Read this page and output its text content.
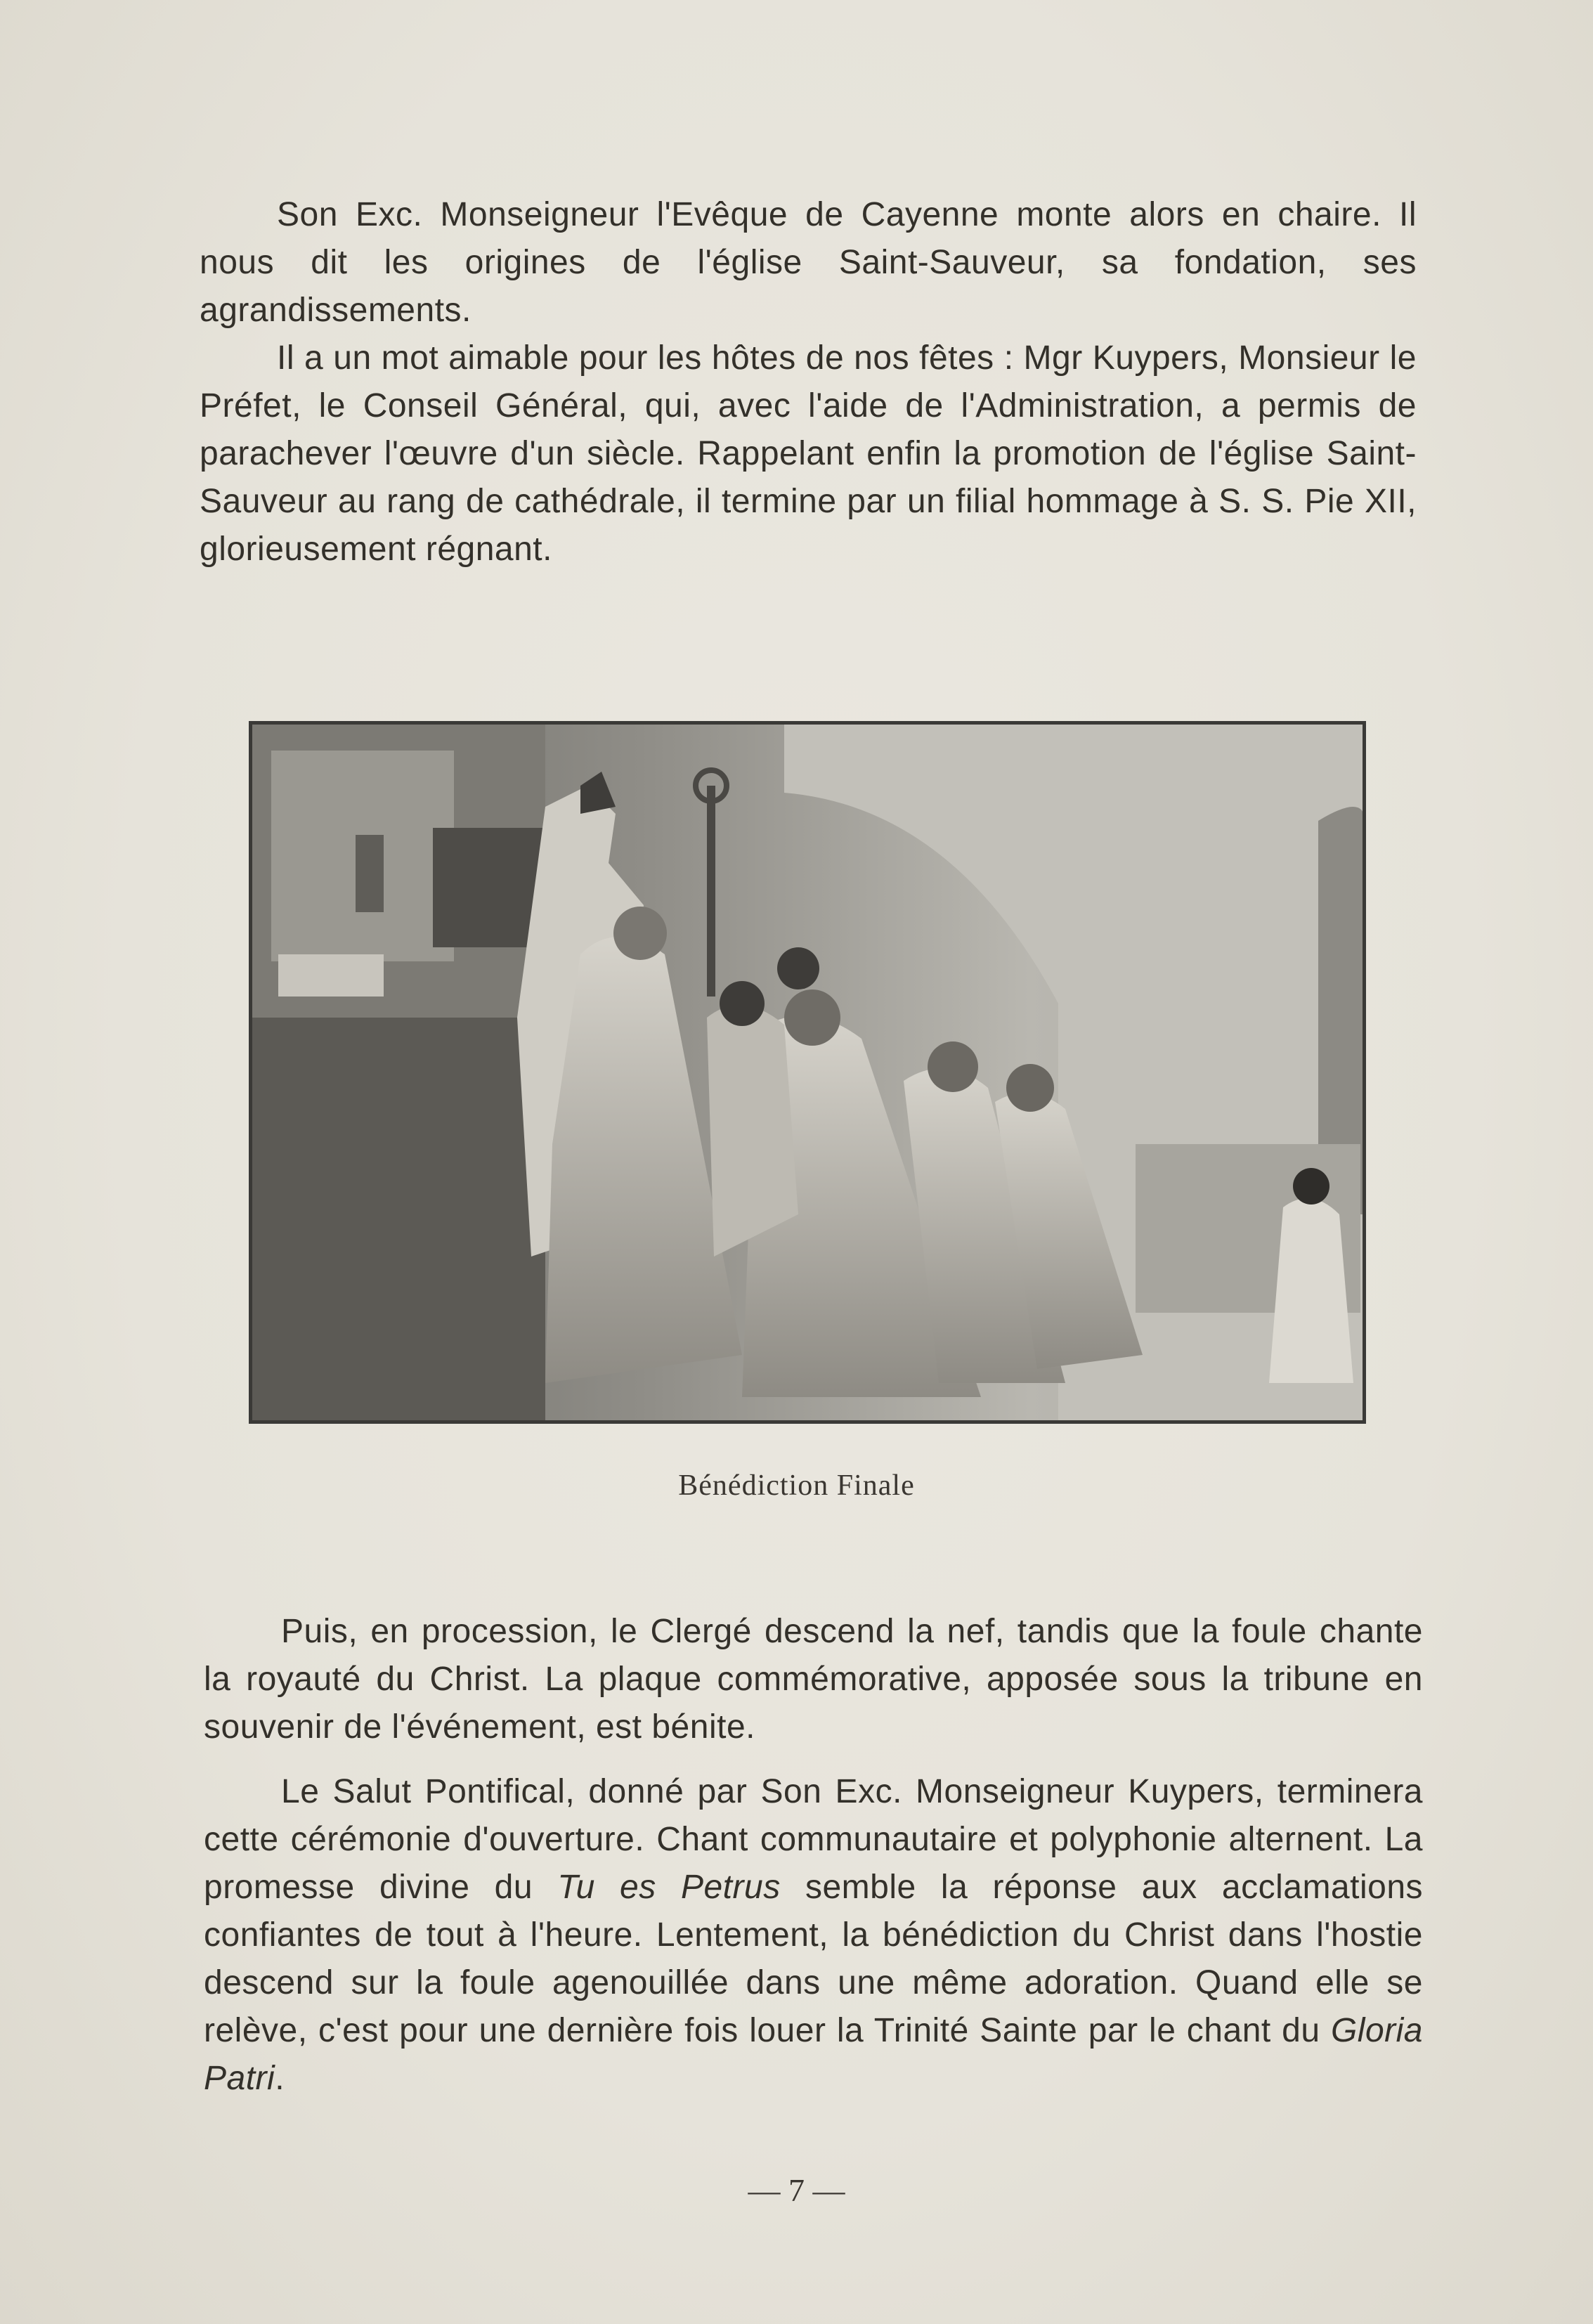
Son Exc. Monseigneur l'Evêque de Cayenne monte alors en chaire. Il nous dit les origines de l'église Saint-Sauveur, sa fondation, ses agrandissements.

Il a un mot aimable pour les hôtes de nos fêtes : Mgr Kuypers, Monsieur le Préfet, le Conseil Général, qui, avec l'aide de l'Administration, a permis de parachever l'œuvre d'un siècle. Rappelant enfin la promotion de l'église Saint-Sauveur au rang de cathédrale, il termine par un filial hommage à S. S. Pie XII, glorieusement régnant.

Bénédiction Finale

Puis, en procession, le Clergé descend la nef, tandis que la foule chante la royauté du Christ. La plaque commémorative, apposée sous la tribune en souvenir de l'événement, est bénite.

Le Salut Pontifical, donné par Son Exc. Monseigneur Kuypers, terminera cette cérémonie d'ouverture. Chant communautaire et polyphonie alternent. La promesse divine du Tu es Petrus semble la réponse aux acclamations confiantes de tout à l'heure. Lentement, la bénédiction du Christ dans l'hostie descend sur la foule agenouillée dans une même adoration. Quand elle se relève, c'est pour une dernière fois louer la Trinité Sainte par le chant du Gloria Patri.

— 7 —
